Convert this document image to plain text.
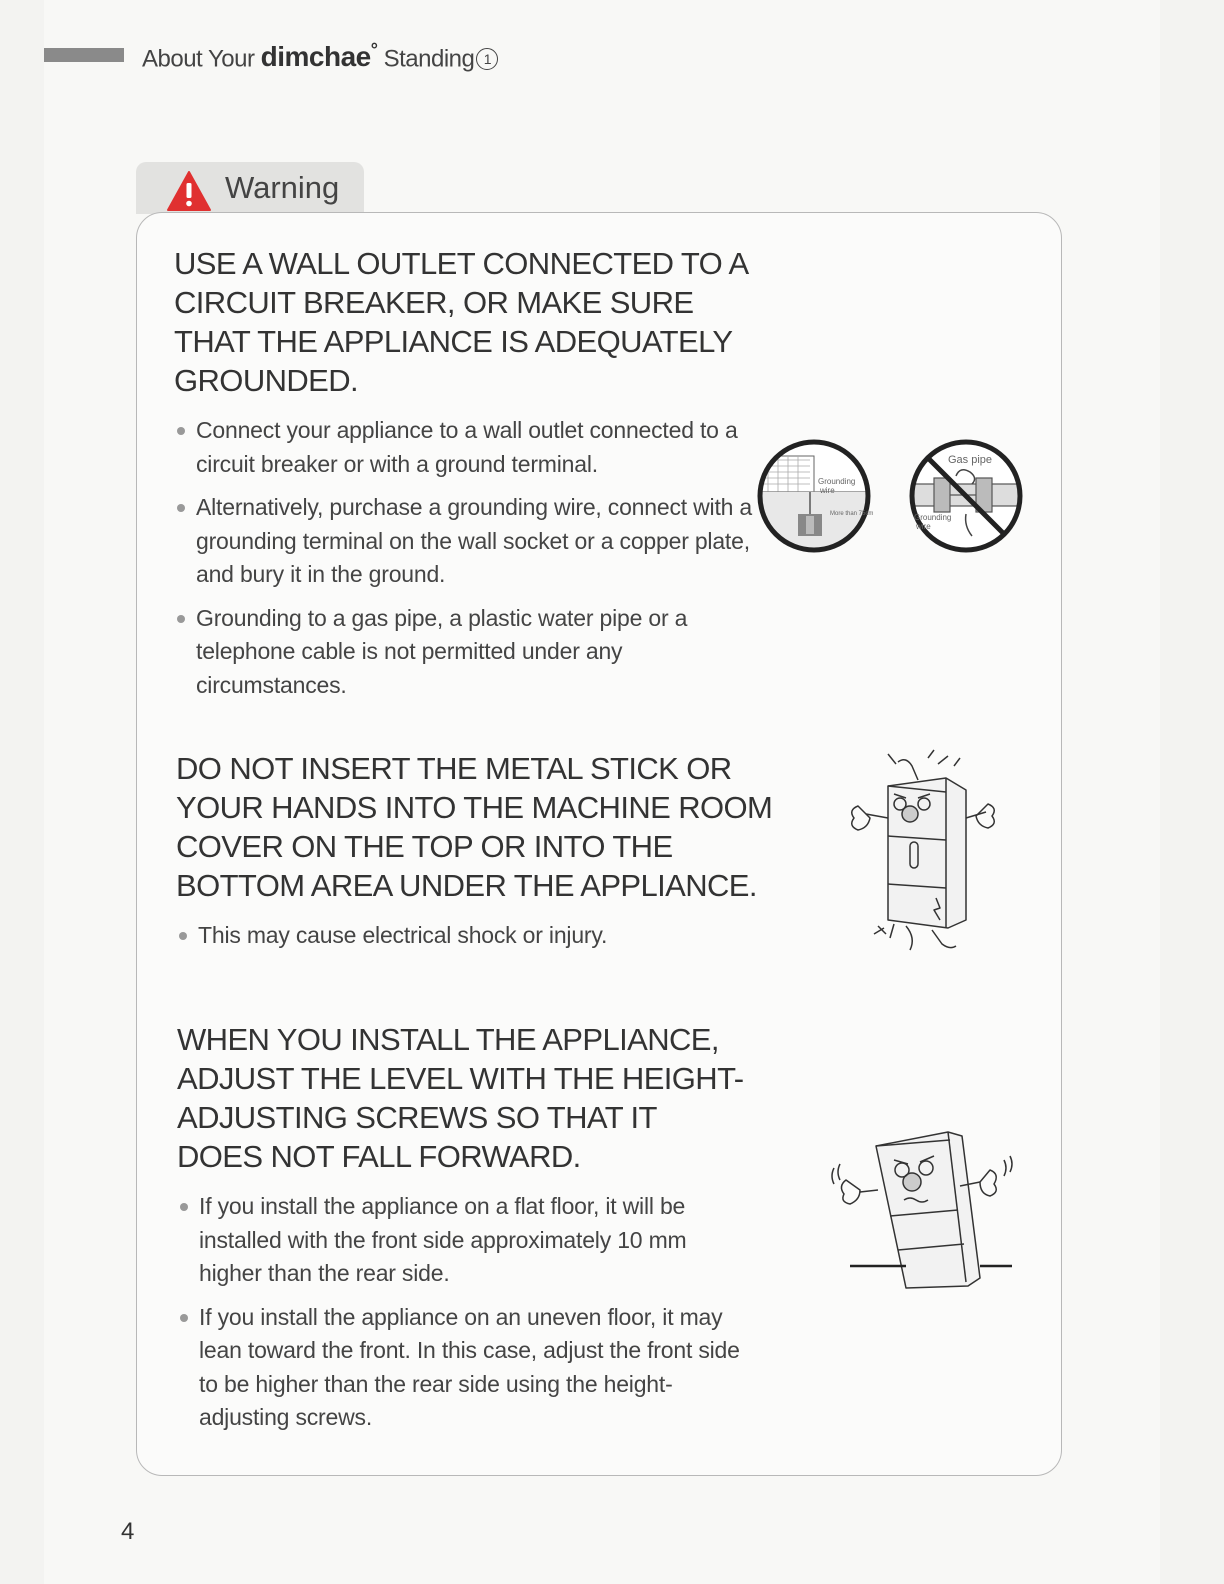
About Your dimchae° Standing 1
Warning
USE A WALL OUTLET CONNECTED TO A CIRCUIT BREAKER, OR MAKE SURE THAT THE APPLIANCE IS ADEQUATELY GROUNDED.
Connect your appliance to a wall outlet connected to a circuit breaker or with a ground terminal.
Alternatively, purchase a grounding wire, connect with a grounding terminal on the wall socket or a copper plate, and bury it in the ground.
Grounding to a gas pipe, a plastic water pipe or a telephone cable is not permitted under any circumstances.
DO NOT INSERT THE METAL STICK OR YOUR HANDS INTO THE MACHINE ROOM COVER ON THE TOP OR INTO THE BOTTOM AREA UNDER THE APPLIANCE.
This may cause electrical shock or injury.
WHEN YOU INSTALL THE APPLIANCE, ADJUST THE LEVEL WITH THE HEIGHT-ADJUSTING SCREWS SO THAT IT DOES NOT FALL FORWARD.
If you install the appliance on a flat floor, it will be installed with the front side approximately 10 mm higher than the rear side.
If you install the appliance on an uneven floor, it may lean toward the front. In this case, adjust the front side to be higher than the rear side using the height-adjusting screws.
Grounding
wire
More than 75cm
Gas pipe
Grounding
wire
4
